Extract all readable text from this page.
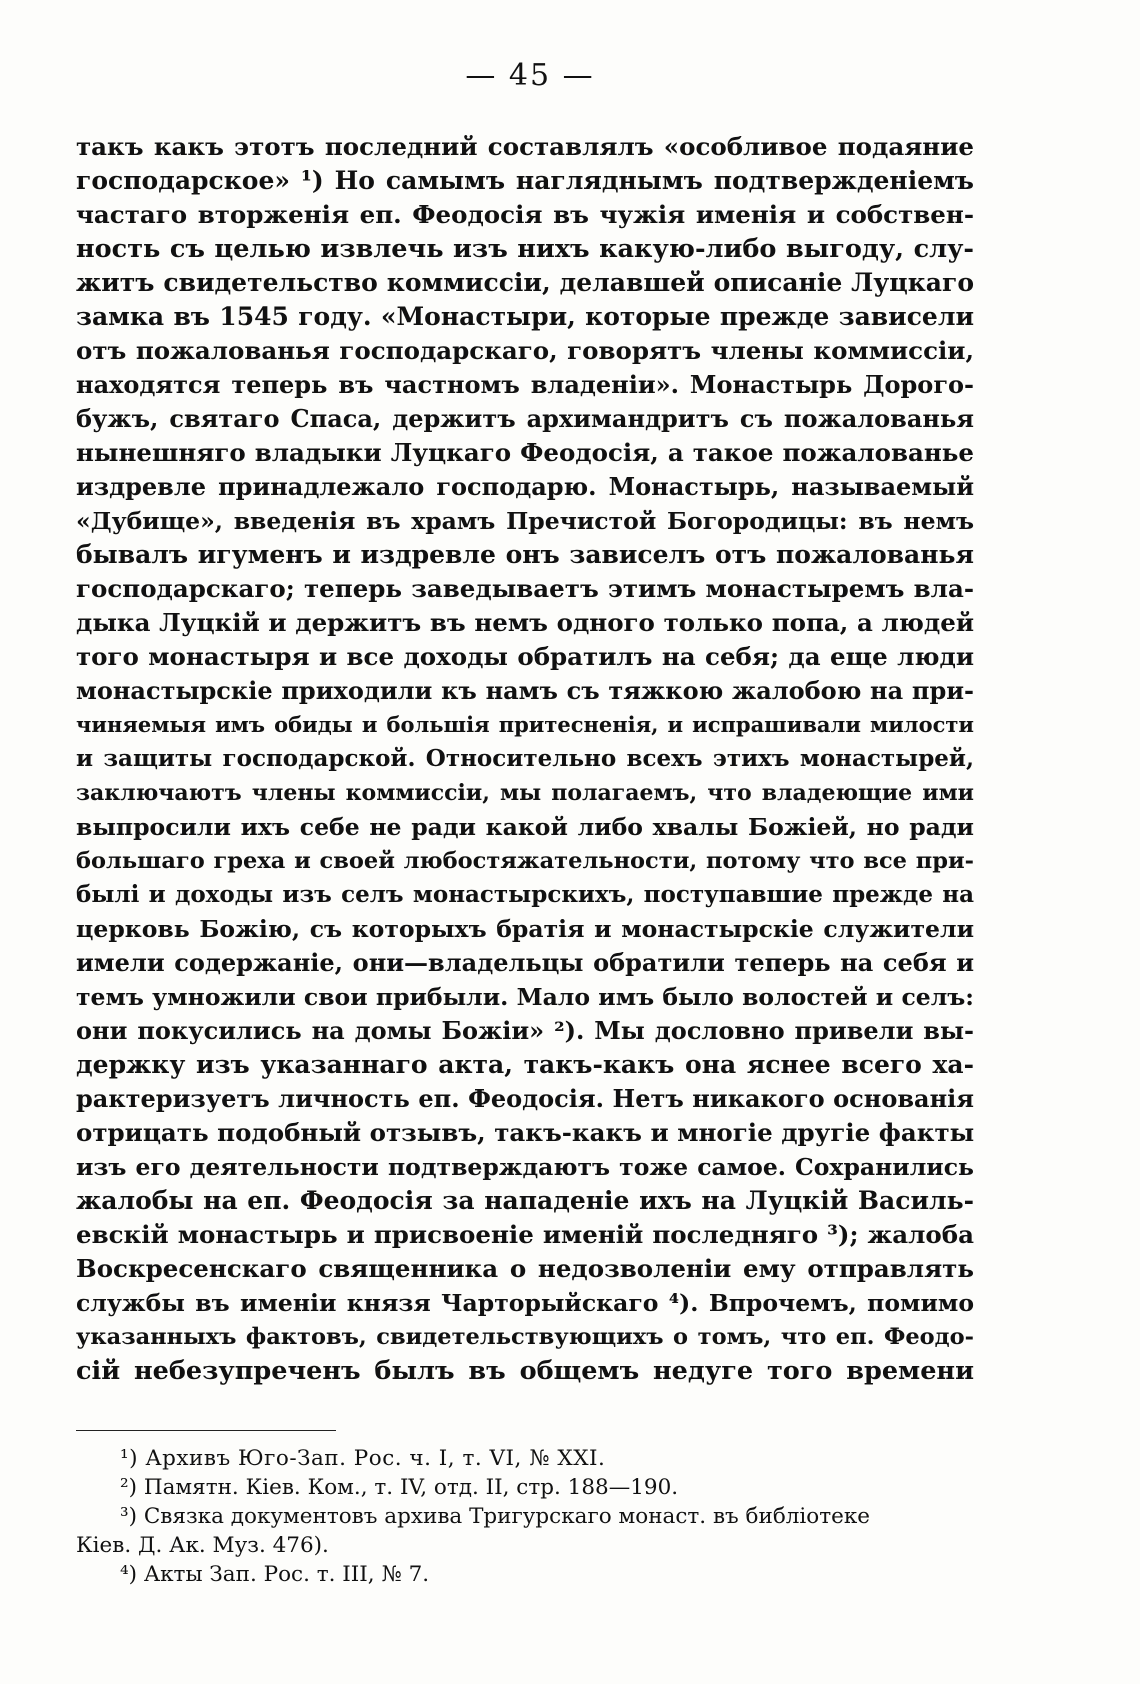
— 45 —
такъ какъ этотъ последний составлялъ «особливое подаяние
господарское» ¹) Но самымъ нагляднымъ подтвержденiемъ
частаго вторженiя еп. Феодосiя въ чужiя именiя и собствен-
ность съ целью извлечь изъ нихъ какую-либо выгоду, слу-
житъ свидетельство коммиссiи, делавшей описанiе Луцкаго
замка въ 1545 году. «Монастыри, которые прежде зависели
отъ пожалованья господарскаго, говорятъ члены коммиссiи,
находятся теперь въ частномъ владенiи». Монастырь Дорого-
бужъ, святаго Спаса, держитъ архимандритъ съ пожалованья
нынешняго владыки Луцкаго Феодосiя, а такое пожалованье
издревле принадлежало господарю. Монастырь, называемый
«Дубище», введенiя въ храмъ Пречистой Богородицы: въ немъ
бывалъ игуменъ и издревле онъ зависелъ отъ пожалованья
господарскаго; теперь заведываетъ этимъ монастыремъ вла-
дыка Луцкiй и держитъ въ немъ одного только попа, а людей
того монастыря и все доходы обратилъ на себя; да еще люди
монастырскiе приходили къ намъ съ тяжкою жалобою на при-
чиняемыя имъ обиды и большiя притесненiя, и испрашивали милости
и защиты господарской. Относительно всехъ этихъ монастырей,
заключаютъ члены коммиссiи, мы полагаемъ, что владеющие ими
выпросили ихъ себе не ради какой либо хвалы Божiей, но ради
большаго греха и своей любостяжательности, потому что все при-
былi и доходы изъ селъ монастырскихъ, поступавшие прежде на
церковь Божiю, съ которыхъ братiя и монастырскiе служители
имели содержанiе, они—владельцы обратили теперь на себя и
темъ умножили свои прибыли. Мало имъ было волостей и селъ:
они покусились на домы Божiи» ²). Мы дословно привели вы-
держку изъ указаннаго акта, такъ-какъ она яснее всего ха-
рактеризуетъ личность еп. Феодосiя. Нетъ никакого основанiя
отрицать подобный отзывъ, такъ-какъ и многiе другiе факты
изъ его деятельности подтверждаютъ тоже самое. Сохранились
жалобы на еп. Феодосiя за нападенiе ихъ на Луцкiй Василь-
евскiй монастырь и присвоенiе именiй последняго ³); жалоба
Воскресенскаго священника о недозволенiи ему отправлять
службы въ именiи князя Чарторыйскаго ⁴). Впрочемъ, помимо
указанныхъ фактовъ, свидетельствующихъ о томъ, что еп. Феодо-
сiй небезупреченъ былъ въ общемъ недуге того времени
¹) Архивъ Юго-Зап. Рос. ч. I, т. VI, № XXI.
²) Памятн. Кiев. Ком., т. IV, отд. II, стр. 188—190.
³) Связка документовъ архива Тригурскаго монаст. въ библiотеке
Кiев. Д. Ак. Муз. 476).
⁴) Акты Зап. Рос. т. III, № 7.
